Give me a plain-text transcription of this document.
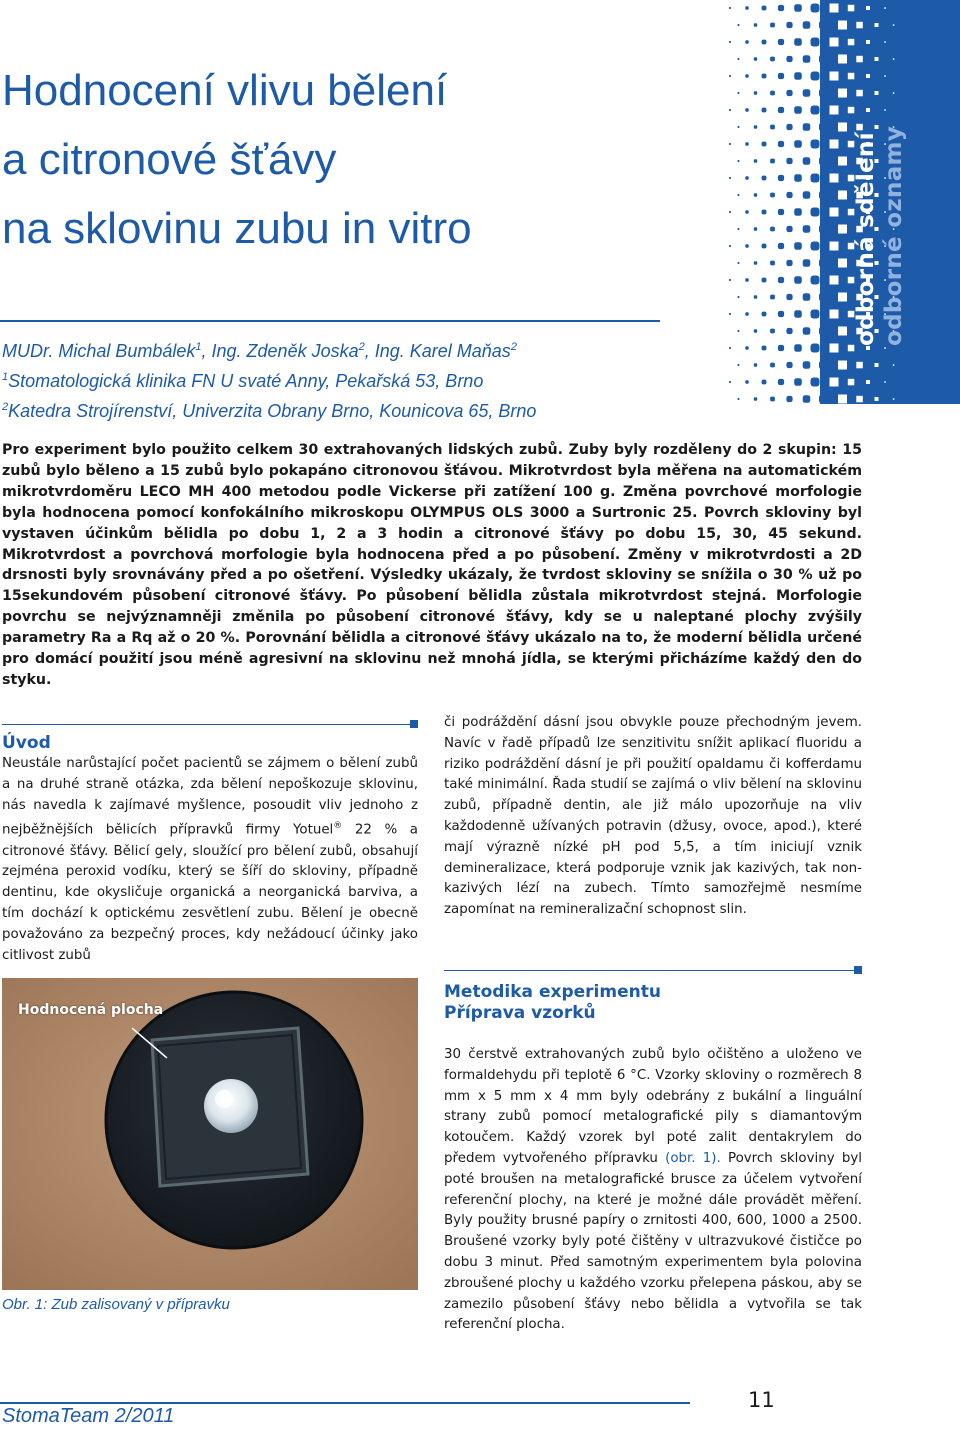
Hodnocení vlivu bělení
a citronové šťávy
na sklovinu zubu in vitro
MUDr. Michal Bumbálek$^1$, Ing. Zdeněk Joska$^2$, Ing. Karel Maňas$^2$
$^1$Stomatologická klinika FN U svaté Anny, Pekařská 53, Brno
$^2$Katedra Strojírenství, Univerzita Obrany Brno, Kounicova 65, Brno
odborná sdělení odborné oznamy

Pro experiment bylo použito celkem 30 extrahovaných lidských zubů. Zuby byly rozděleny do 2 skupin: 15 zubů bylo běleno a 15 zubů bylo pokapáno citronovou šťávou. Mikrotvrdost byla měřena na automatickém mikrotvrdoměru LECO MH 400 metodou podle Vickerse při zatížení 100 g. Změna povrchové morfologie byla hodnocena pomocí konfokálního mikroskopu OLYMPUS OLS 3000 a Surtronic 25. Povrch skloviny byl vystaven účinkům bělidla po dobu 1, 2 a 3 hodin a citronové šťávy po dobu 15, 30, 45 sekund. Mikrotvrdost a povrchová morfologie byla hodnocena před a po působení. Změny v mikrotvrdosti a 2D drsnosti byly srovnávány před a po ošetření. Výsledky ukázaly, že tvrdost skloviny se snížila o 30 % už po 15sekundovém působení citronové šťávy. Po působení bělidla zůstala mikrotvrdost stejná. Morfologie povrchu se nejvýznamněji změnila po působení citronové šťávy, kdy se u naleptané plochy zvýšily parametry Ra a Rq až o 20 %. Porovnání bělidla a citronové šťávy ukázalo na to, že moderní bělidla určené pro domácí použití jsou méně agresivní na sklovinu než mnohá jídla, se kterými přicházíme každý den do styku.

Úvod

Neustále narůstající počet pacientů se zájmem o bělení zubů a na druhé straně otázka, zda bělení nepoškozuje sklovinu, nás navedla k zajímavé myšlence, posoudit vliv jednoho z nejběžnějších bělicích přípravků firmy Yotuel® 22 % a citronové šťávy. Bělicí gely, sloužící pro bělení zubů, obsahují zejména peroxid vodíku, který se šíří do skloviny, případně dentinu, kde okysličuje organická a neorganická barviva, a tím dochází k optickému zesvětlení zubu. Bělení je obecně považováno za bezpečný proces, kdy nežádoucí účinky jako citlivost zubů

či podráždění dásní jsou obvykle pouze přechodným jevem. Navíc v řadě případů lze senzitivitu snížit aplikací fluoridu a riziko podráždění dásní je při použití opaldamu či kofferdamu také minimální. Řada studií se zajímá o vliv bělení na sklovinu zubů, případně dentin, ale již málo upozorňuje na vliv každodenně užívaných potravin (džusy, ovoce, apod.), které mají výrazně nízké pH pod 5,5, a tím iniciují vznik demineralizace, která podporuje vznik jak kazivých, tak non-kazivých lézí na zubech. Tímto samozřejmě nesmíme zapomínat na remineralizační schopnost slin.

Hodnocená plocha
Obr. 1: Zub zalisovaný v přípravku
Metodika experimentu
Příprava vzorků

30 čerstvě extrahovaných zubů bylo očištěno a uloženo ve formaldehydu při teplotě 6 °C. Vzorky skloviny o rozměrech 8 mm x 5 mm x 4 mm byly odebrány z bukální a linguální strany zubů pomocí metalografické pily s diamantovým kotoučem. Každý vzorek byl poté zalit dentakrylem do předem vytvořeného přípravku (obr. 1). Povrch skloviny byl poté broušen na metalografické brusce za účelem vytvoření referenční plochy, na které je možné dále provádět měření. Byly použity brusné papíry o zrnitosti 400, 600, 1000 a 2500. Broušené vzorky byly poté čištěny v ultrazvukové čističce po dobu 3 minut. Před samotným experimentem byla polovina zbroušené plochy u každého vzorku přelepena páskou, aby se zamezilo působení šťávy nebo bělidla a vytvořila se tak referenční plocha.

StomaTeam 2/2011
11
